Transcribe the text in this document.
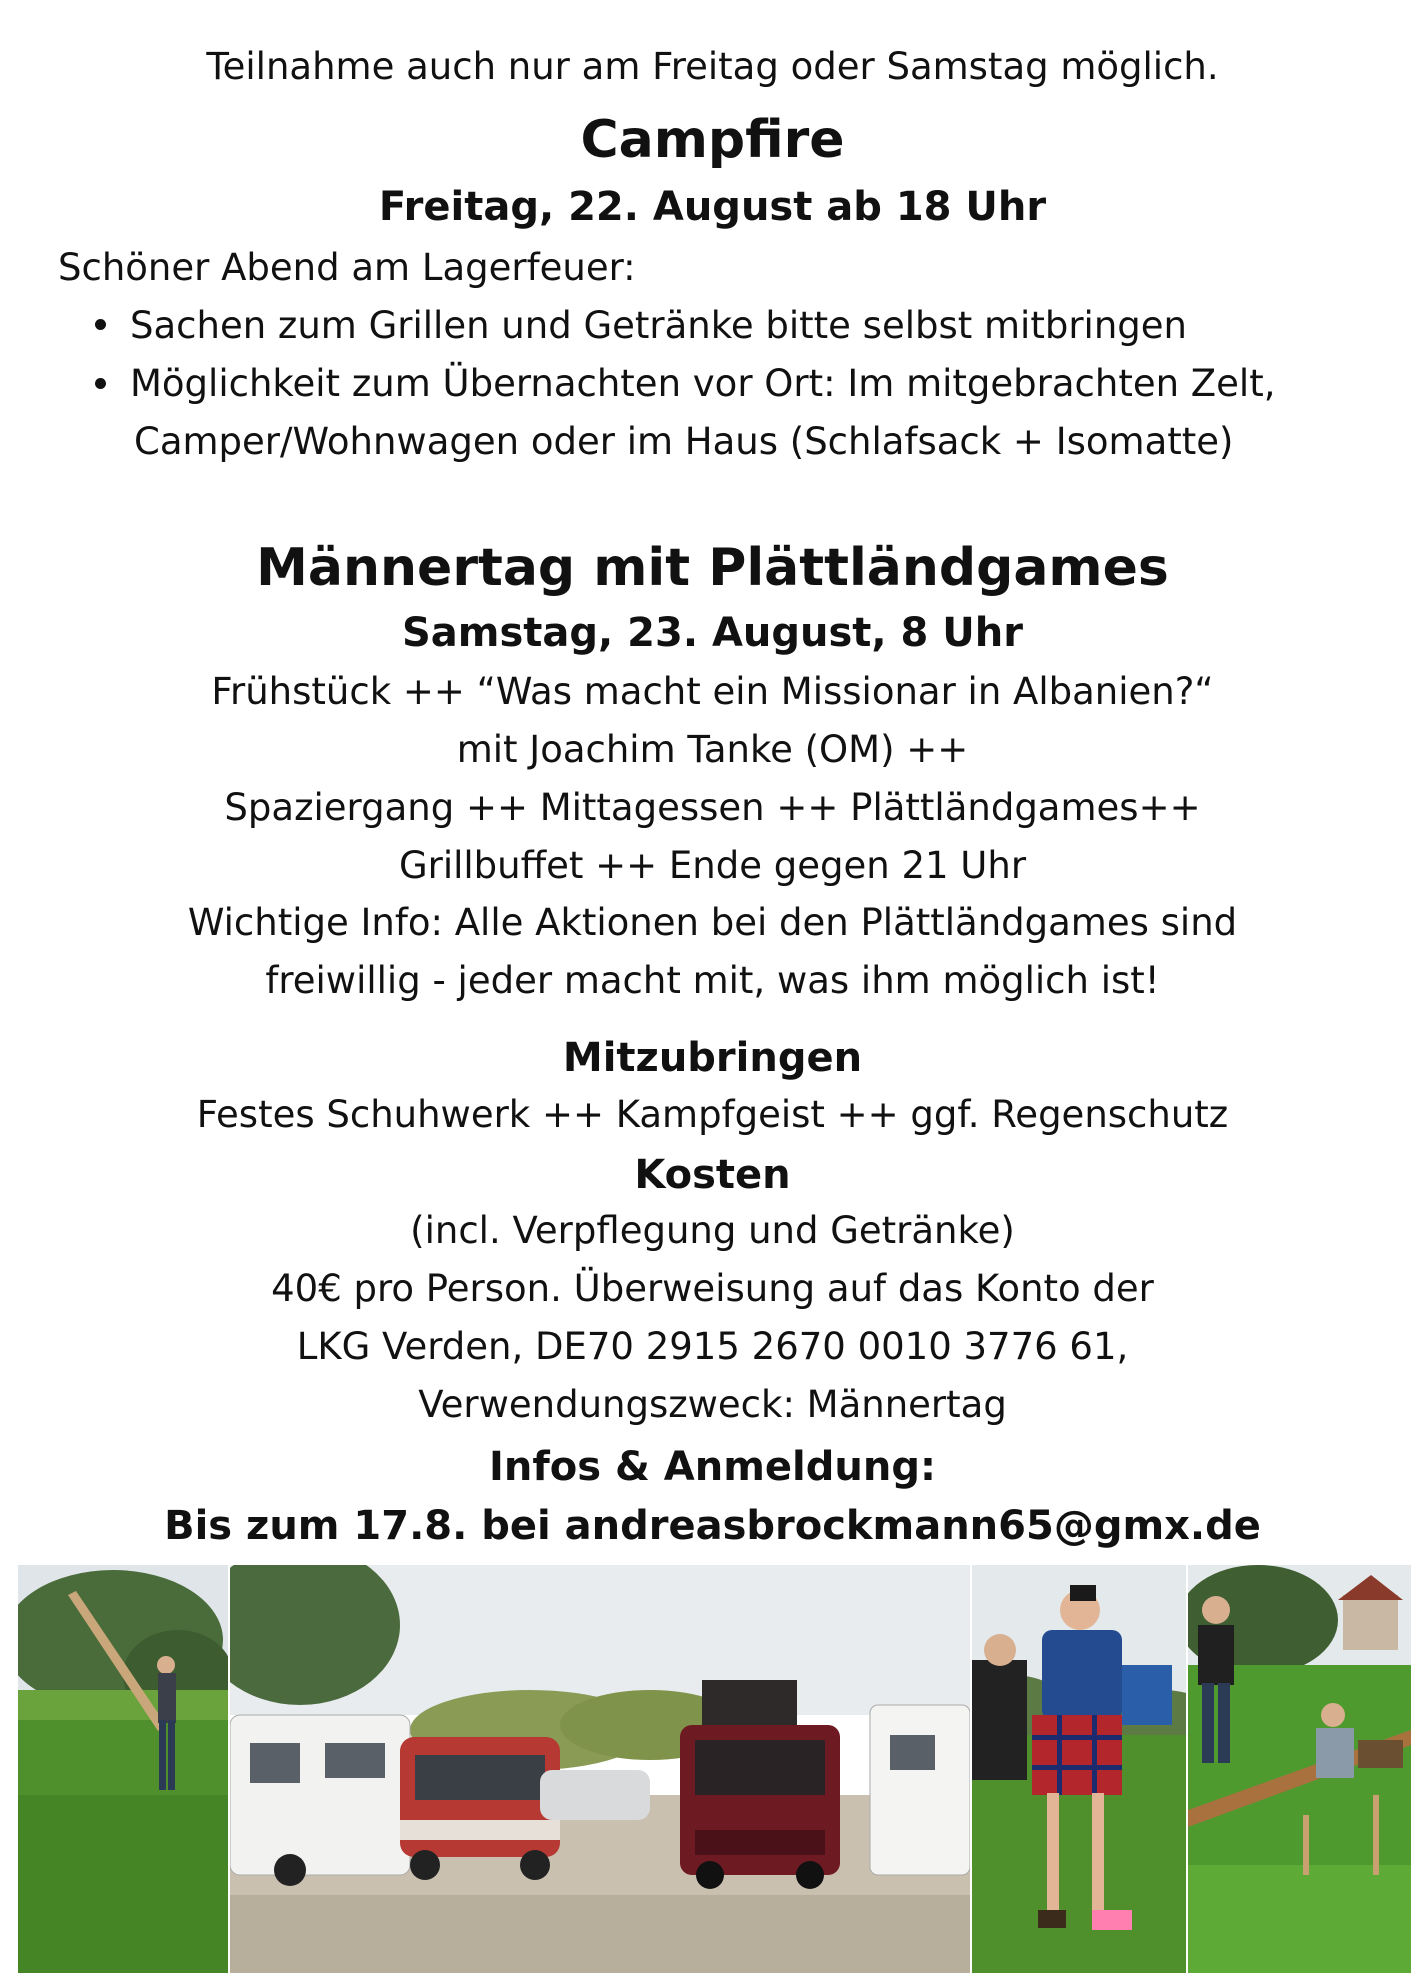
Teilnahme auch nur am Freitag oder Samstag möglich.
Campfire
Freitag, 22. August ab 18 Uhr
Schöner Abend am Lagerfeuer:
Sachen zum Grillen und Getränke bitte selbst mitbringen
Möglichkeit zum Übernachten vor Ort: Im mitgebrachten Zelt,
Camper/Wohnwagen oder im Haus (Schlafsack + Isomatte)
Männertag mit Plättländgames
Samstag, 23. August, 8 Uhr
Frühstück ++ “Was macht ein Missionar in Albanien?“
mit Joachim Tanke (OM) ++
Spaziergang ++ Mittagessen ++ Plättländgames++
Grillbuffet ++ Ende gegen 21 Uhr
Wichtige Info: Alle Aktionen bei den Plättländgames sind
freiwillig - jeder macht mit, was ihm möglich ist!
Mitzubringen
Festes Schuhwerk ++ Kampfgeist ++ ggf. Regenschutz
Kosten
(incl. Verpflegung und Getränke)
40€ pro Person. Überweisung auf das Konto der
LKG Verden, DE70 2915 2670 0010 3776 61,
Verwendungszweck: Männertag
Infos & Anmeldung:
Bis zum 17.8. bei andreasbrockmann65@gmx.de
